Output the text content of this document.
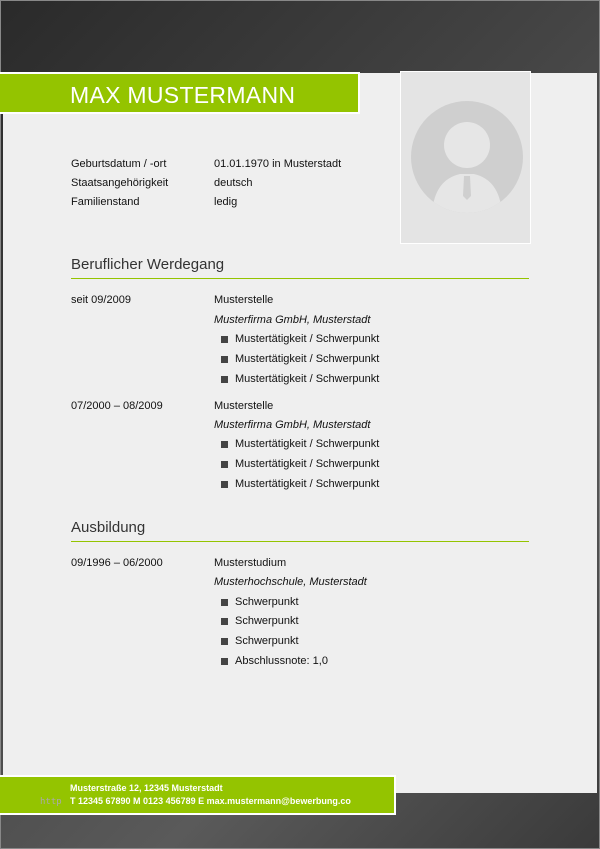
MAX MUSTERMANN
Geburtsdatum / -ort	01.01.1970 in Musterstadt
Staatsangehörigkeit	deutsch
Familienstand	ledig
Beruflicher Werdegang
seit 09/2009	Musterstelle
Musterfirma GmbH, Musterstadt
Mustertätigkeit / Schwerpunkt
Mustertätigkeit / Schwerpunkt
Mustertätigkeit / Schwerpunkt
07/2000 – 08/2009	Musterstelle
Musterfirma GmbH, Musterstadt
Mustertätigkeit / Schwerpunkt
Mustertätigkeit / Schwerpunkt
Mustertätigkeit / Schwerpunkt
Ausbildung
09/1996 – 06/2000	Musterstudium
Musterhochschule, Musterstadt
Schwerpunkt
Schwerpunkt
Schwerpunkt
Abschlussnote: 1,0
Musterstraße 12, 12345 Musterstadt
T 12345 67890 M 0123 456789 E max.mustermann@bewerbung.co
http
